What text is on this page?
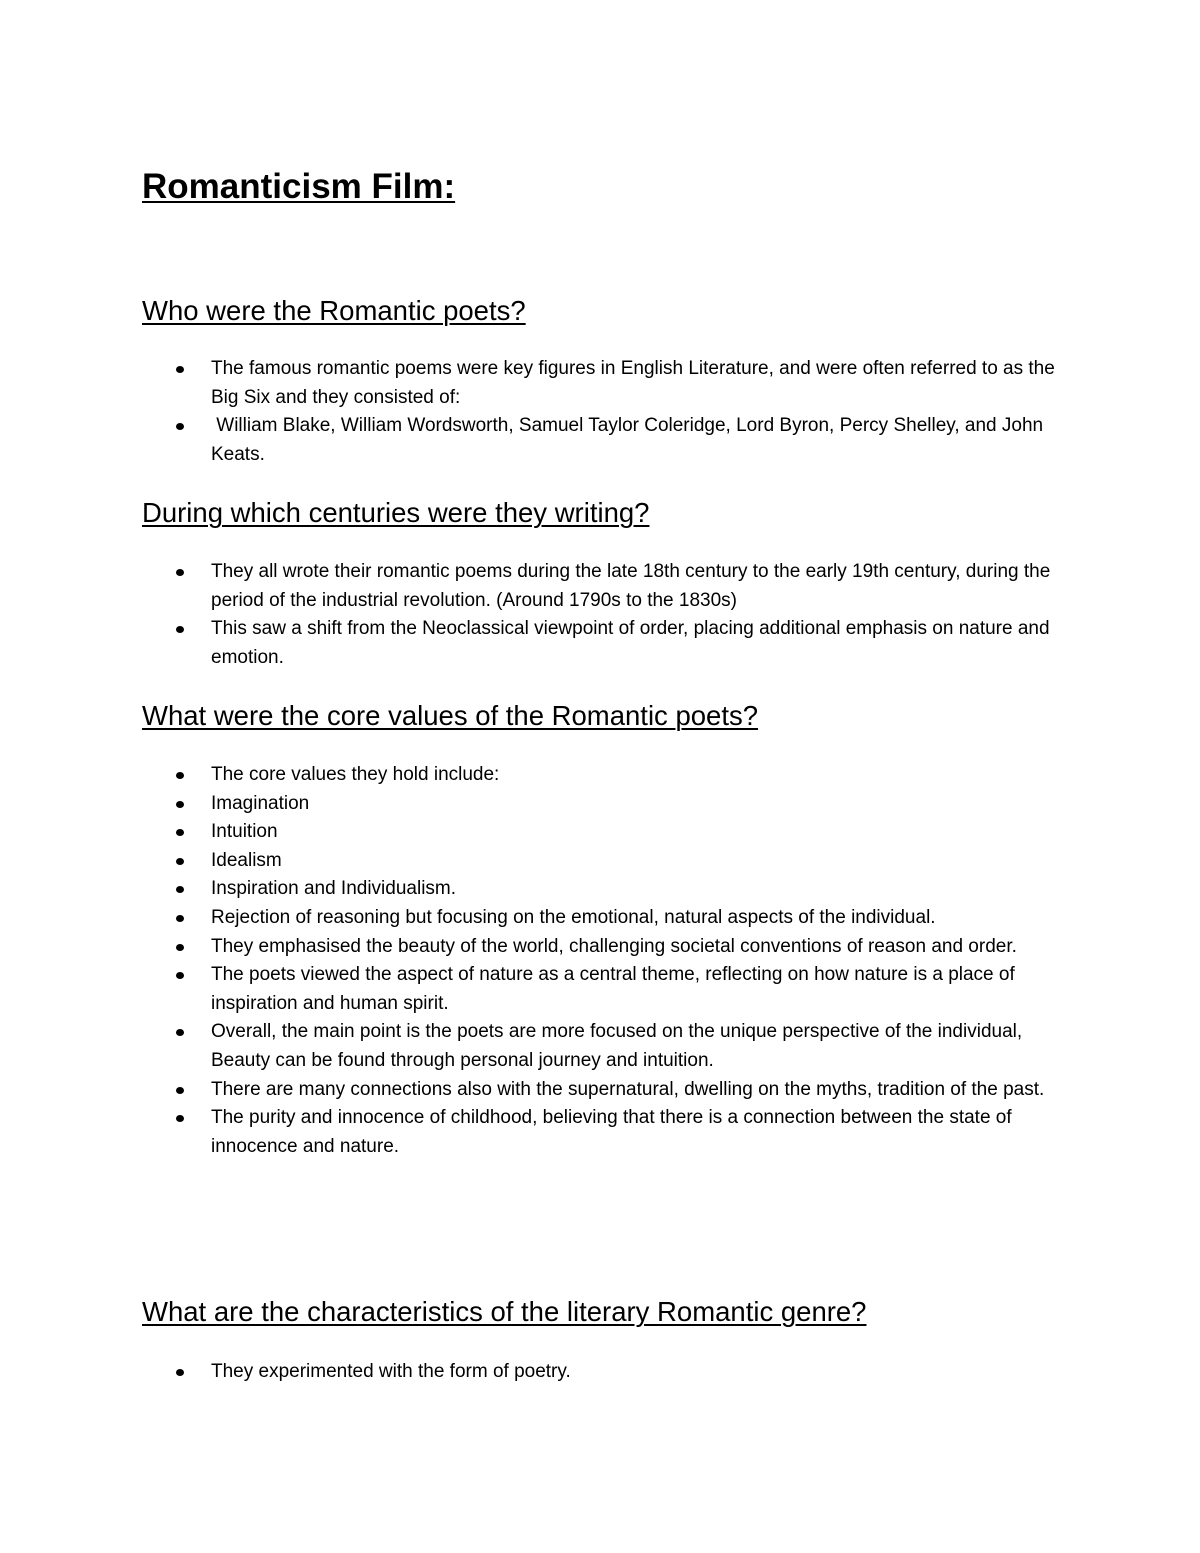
Romanticism Film:
Who were the Romantic poets?
The famous romantic poems were key figures in English Literature, and were often referred to as the Big Six and they consisted of:
William Blake, William Wordsworth, Samuel Taylor Coleridge, Lord Byron, Percy Shelley, and John Keats.
During which centuries were they writing?
They all wrote their romantic poems during the late 18th century to the early 19th century, during the period of the industrial revolution. (Around 1790s to the 1830s)
This saw a shift from the Neoclassical viewpoint of order, placing additional emphasis on nature and emotion.
What were the core values of the Romantic poets?
The core values they hold include:
Imagination
Intuition
Idealism
Inspiration and Individualism.
Rejection of reasoning but focusing on the emotional, natural aspects of the individual.
They emphasised the beauty of the world, challenging societal conventions of reason and order.
The poets viewed the aspect of nature as a central theme, reflecting on how nature is a place of inspiration and human spirit.
Overall, the main point is the poets are more focused on the unique perspective of the individual, Beauty can be found through personal journey and intuition.
There are many connections also with the supernatural, dwelling on the myths, tradition of the past.
The purity and innocence of childhood, believing that there is a connection between the state of innocence and nature.
What are the characteristics of the literary Romantic genre?
They experimented with the form of poetry.
